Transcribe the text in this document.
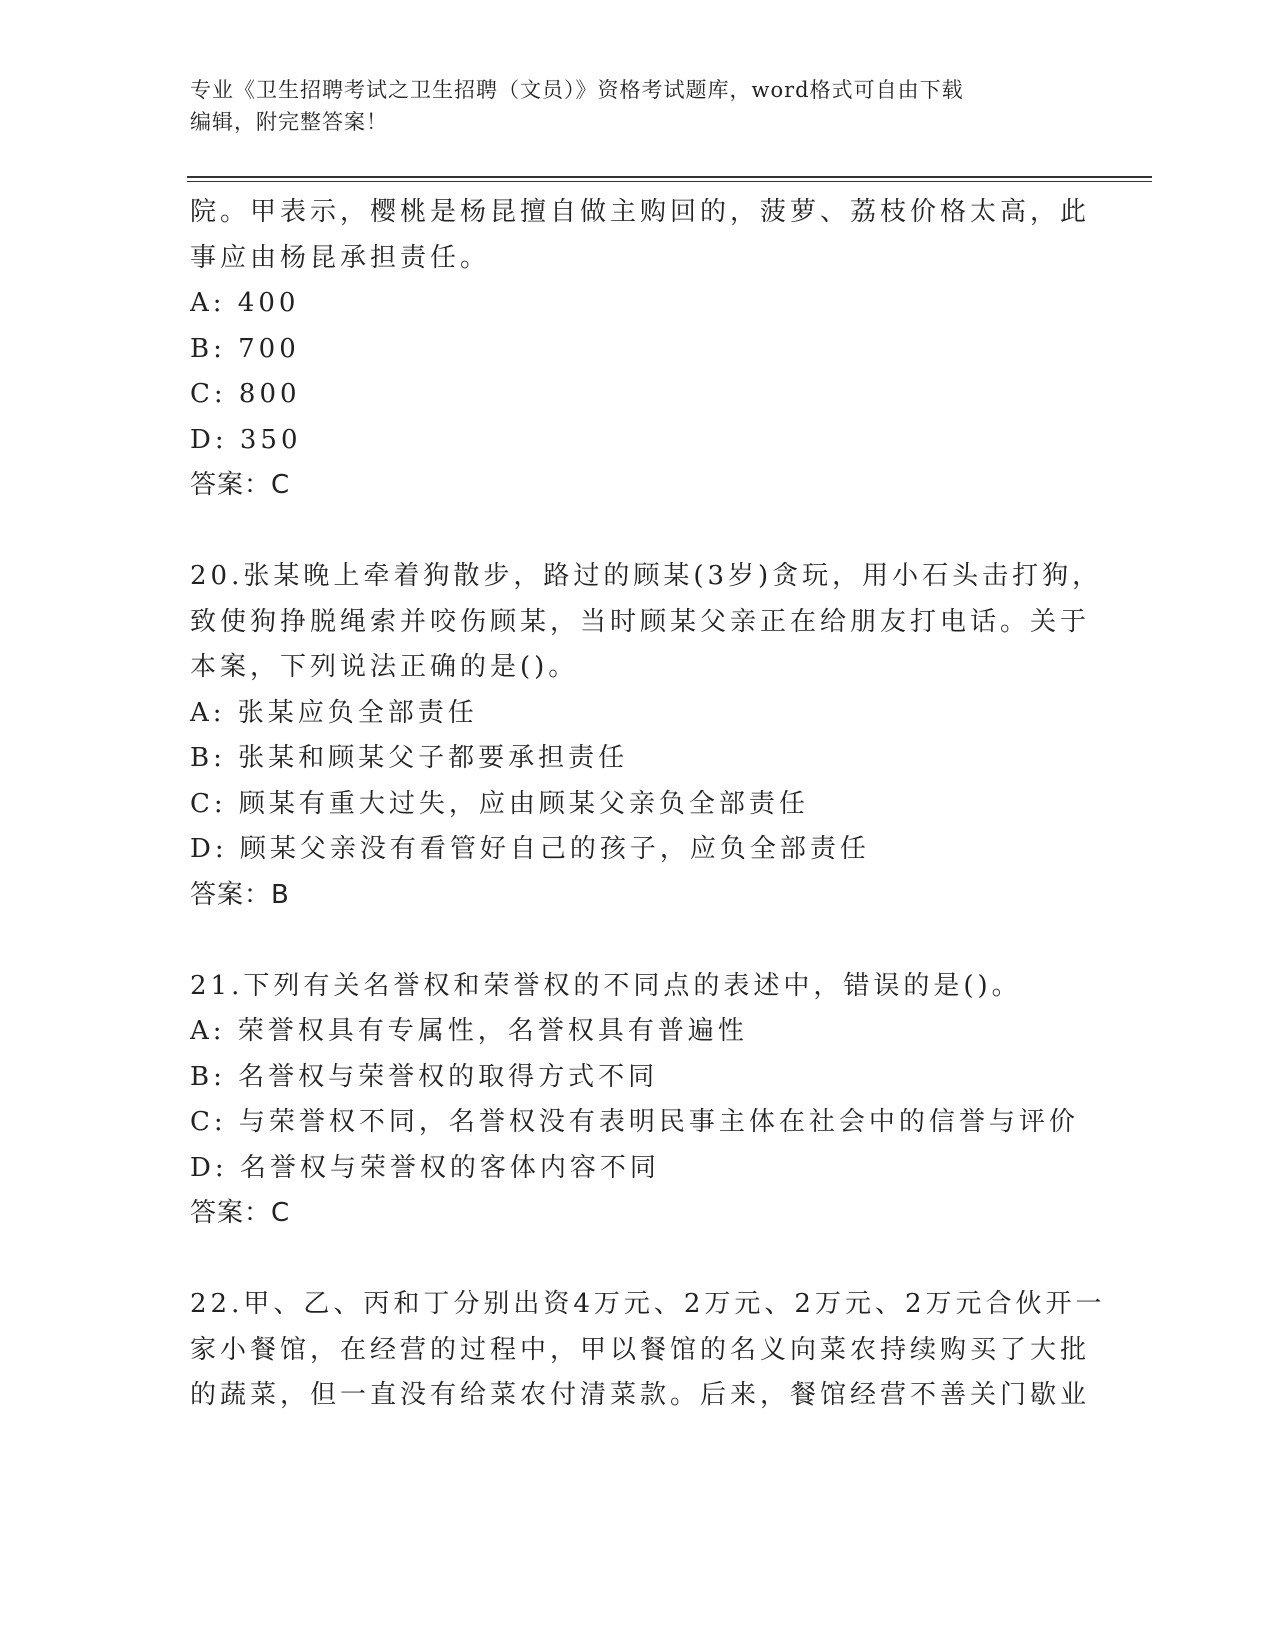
专业《卫生招聘考试之卫生招聘（文员）》资格考试题库，word格式可自由下载
编辑，附完整答案！
院。甲表示，樱桃是杨昆擅自做主购回的，菠萝、荔枝价格太高，此
事应由杨昆承担责任。
A: 400
B: 700
C: 800
D: 350
答案：C
20.张某晚上牵着狗散步，路过的顾某(3岁)贪玩，用小石头击打狗，
致使狗挣脱绳索并咬伤顾某，当时顾某父亲正在给朋友打电话。关于
本案，下列说法正确的是()。
A: 张某应负全部责任
B: 张某和顾某父子都要承担责任
C: 顾某有重大过失，应由顾某父亲负全部责任
D: 顾某父亲没有看管好自己的孩子，应负全部责任
答案：B
21.下列有关名誉权和荣誉权的不同点的表述中，错误的是()。
A: 荣誉权具有专属性，名誉权具有普遍性
B: 名誉权与荣誉权的取得方式不同
C: 与荣誉权不同，名誉权没有表明民事主体在社会中的信誉与评价
D: 名誉权与荣誉权的客体内容不同
答案：C
22.甲、乙、丙和丁分别出资4万元、2万元、2万元、2万元合伙开一
家小餐馆，在经营的过程中，甲以餐馆的名义向菜农持续购买了大批
的蔬菜，但一直没有给菜农付清菜款。后来，餐馆经营不善关门歇业
